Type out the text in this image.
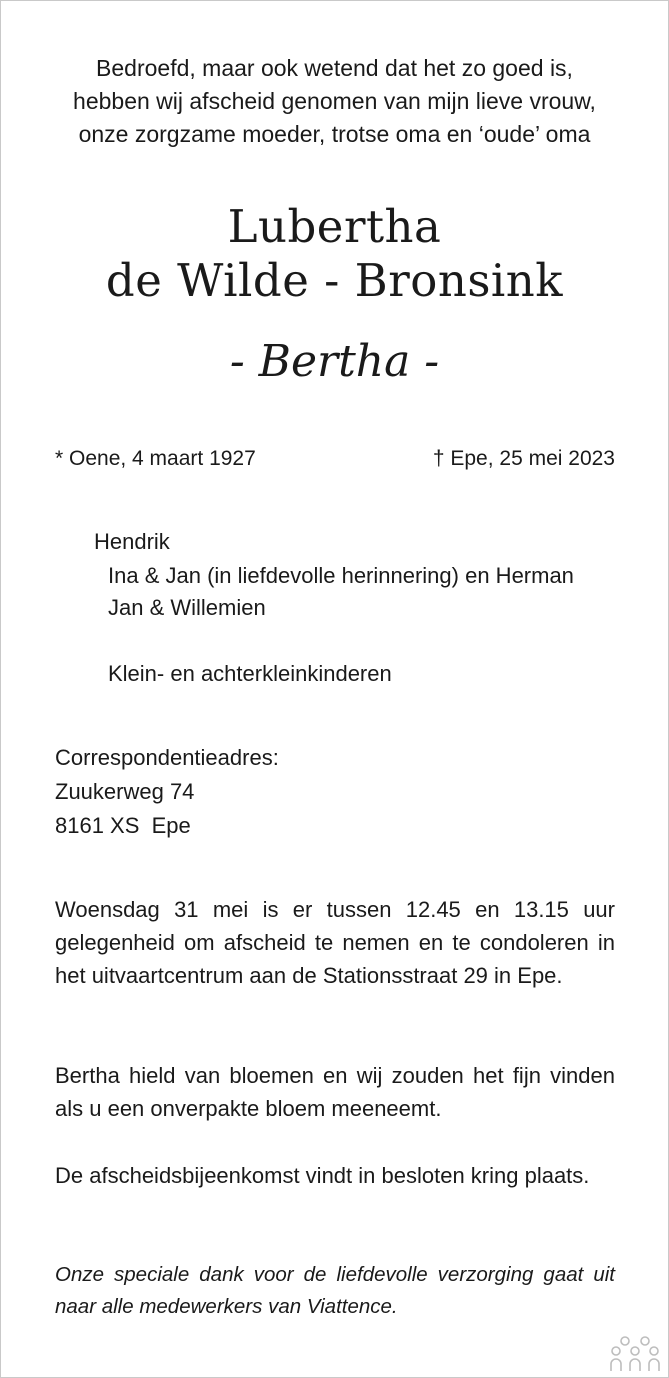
Bedroefd, maar ook wetend dat het zo goed is,
hebben wij afscheid genomen van mijn lieve vrouw,
onze zorgzame moeder, trotse oma en ‘oude’ oma
Lubertha
de Wilde - Bronsink
- Bertha -
* Oene, 4 maart 1927	† Epe, 25 mei 2023
Hendrik
Ina & Jan (in liefdevolle herinnering) en Herman
Jan & Willemien
Klein- en achterkleinkinderen
Correspondentieadres:
Zuukerweg 74
8161 XS  Epe
Woensdag 31 mei is er tussen 12.45 en 13.15 uur gelegenheid om afscheid te nemen en te condoleren in het uitvaartcentrum aan de Stationsstraat 29 in Epe.
Bertha hield van bloemen en wij zouden het fijn vinden als u een onverpakte bloem meeneemt.
De afscheidsbijeenkomst vindt in besloten kring plaats.
Onze speciale dank voor de liefdevolle verzorging gaat uit naar alle medewerkers van Viattence.
